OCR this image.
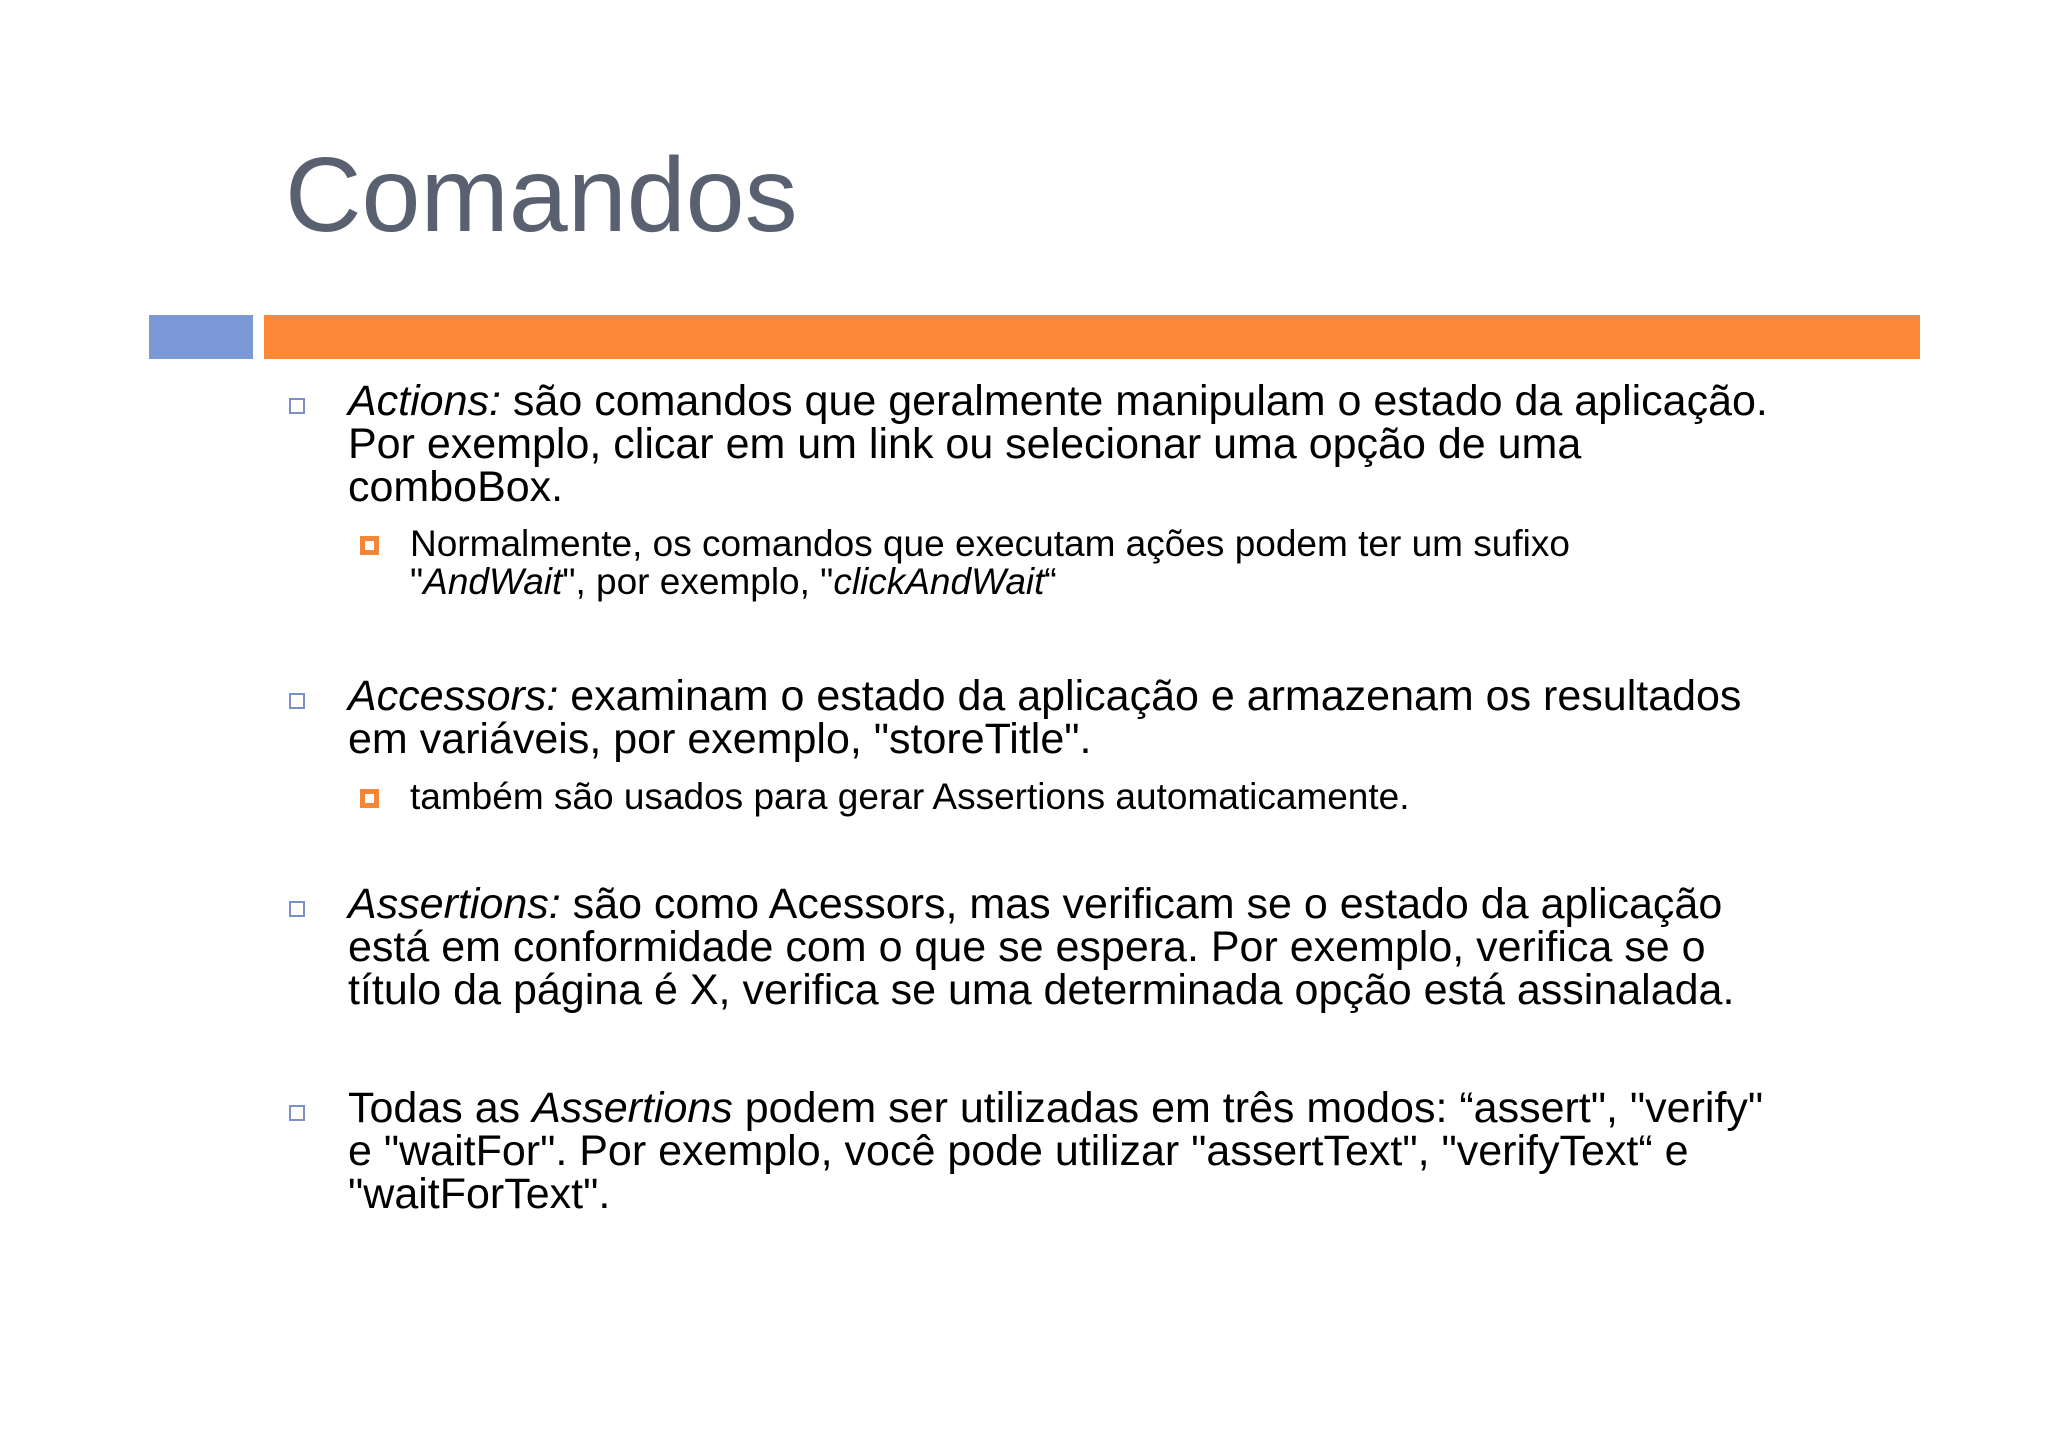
Comandos
Actions: são comandos que geralmente manipulam o estado da aplicação.
Por exemplo, clicar em um link ou selecionar uma opção de uma
comboBox.
Normalmente, os comandos que executam ações podem ter um sufixo
"AndWait", por exemplo, "clickAndWait“
Accessors: examinam o estado da aplicação e armazenam os resultados
em variáveis, por exemplo, "storeTitle".
também são usados para gerar Assertions automaticamente.
Assertions: são como Acessors, mas verificam se o estado da aplicação
está em conformidade com o que se espera. Por exemplo, verifica se o
título da página é X, verifica se uma determinada opção está assinalada.
Todas as Assertions podem ser utilizadas em três modos: “assert", "verify"
e "waitFor". Por exemplo, você pode utilizar "assertText", "verifyText“ e
"waitForText".
